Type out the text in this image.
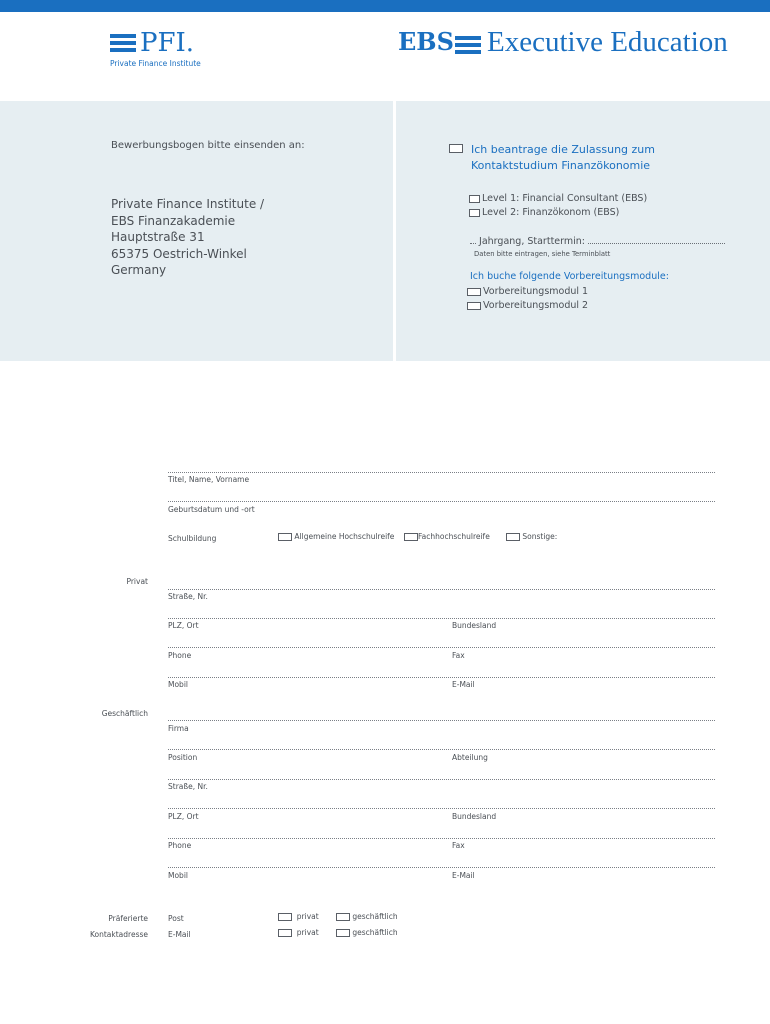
PFI.
Private Finance Institute
EBS Executive Education
Bewerbungsbogen bitte einsenden an:
Private Finance Institute /
EBS Finanzakademie
Hauptstraße 31
65375 Oestrich-Winkel
Germany
Ich beantrage die Zulassung zum
Kontaktstudium Finanzökonomie
Level 1: Financial Consultant (EBS)
Level 2: Finanzökonom (EBS)
Jahrgang, Starttermin:
Daten bitte eintragen, siehe Terminblatt
Ich buche folgende Vorbereitungsmodule:
Vorbereitungsmodul 1
Vorbereitungsmodul 2
Titel, Name, Vorname
Geburtsdatum und -ort
Schulbildung	Allgemeine Hochschulreife	Fachhochschulreife	Sonstige:
Privat
Straße, Nr.
PLZ, Ort	Bundesland
Phone	Fax
Mobil	E-Mail
Geschäftlich
Firma
Position	Abteilung
Straße, Nr.
PLZ, Ort	Bundesland
Phone	Fax
Mobil	E-Mail
Präferierte
Kontaktadresse
Post	privat	geschäftlich
E-Mail	privat	geschäftlich
